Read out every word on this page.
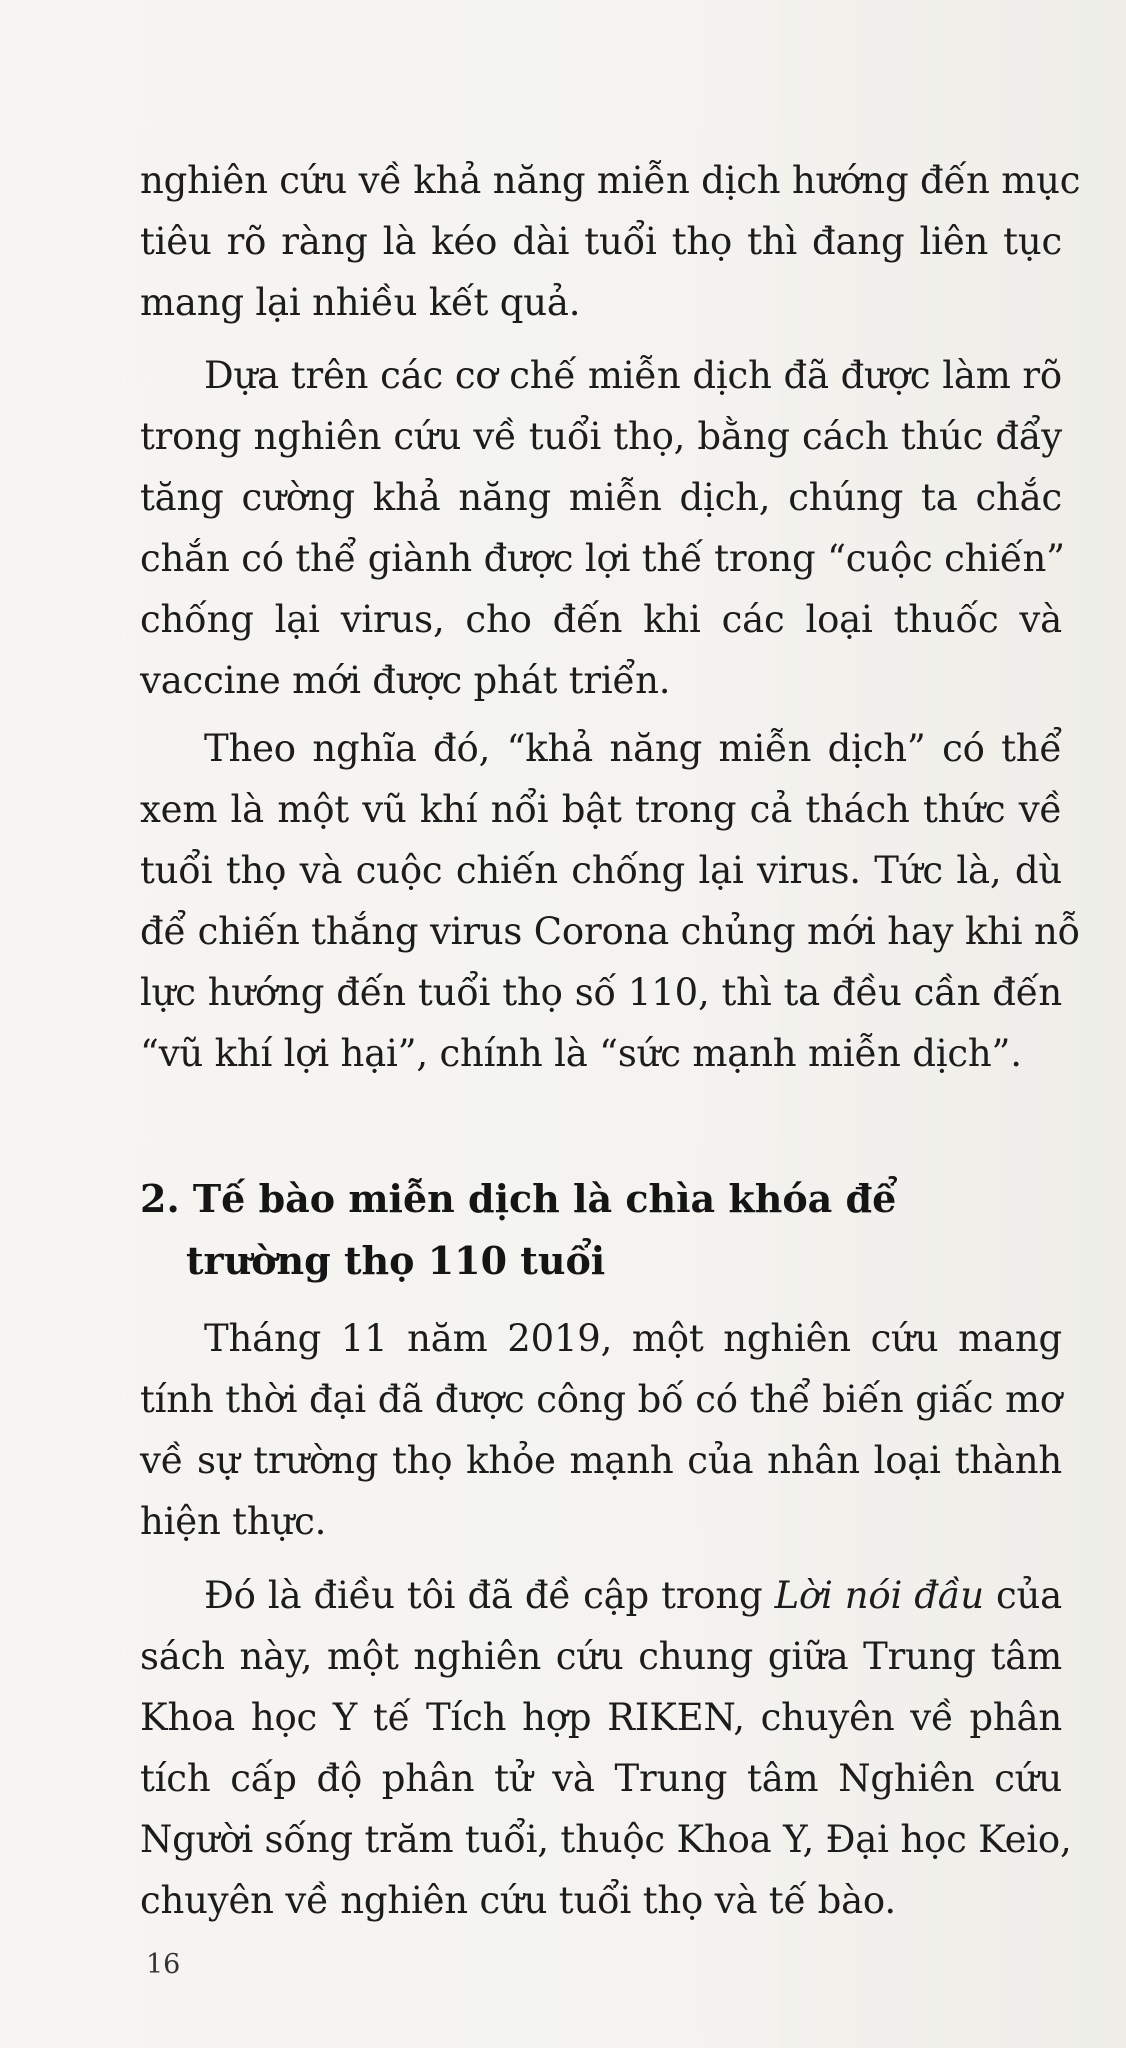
nghiên cứu về khả năng miễn dịch hướng đến mục
tiêu rõ ràng là kéo dài tuổi thọ thì đang liên tục
mang lại nhiều kết quả.
Dựa trên các cơ chế miễn dịch đã được làm rõ
trong nghiên cứu về tuổi thọ, bằng cách thúc đẩy
tăng cường khả năng miễn dịch, chúng ta chắc
chắn có thể giành được lợi thế trong “cuộc chiến”
chống lại virus, cho đến khi các loại thuốc và
vaccine mới được phát triển.
Theo nghĩa đó, “khả năng miễn dịch” có thể
xem là một vũ khí nổi bật trong cả thách thức về
tuổi thọ và cuộc chiến chống lại virus. Tức là, dù
để chiến thắng virus Corona chủng mới hay khi nỗ
lực hướng đến tuổi thọ số 110, thì ta đều cần đến
“vũ khí lợi hại”, chính là “sức mạnh miễn dịch”.
2. Tế bào miễn dịch là chìa khóa để
trường thọ 110 tuổi
Tháng 11 năm 2019, một nghiên cứu mang
tính thời đại đã được công bố có thể biến giấc mơ
về sự trường thọ khỏe mạnh của nhân loại thành
hiện thực.
Đó là điều tôi đã đề cập trong Lời nói đầu của
sách này, một nghiên cứu chung giữa Trung tâm
Khoa học Y tế Tích hợp RIKEN, chuyên về phân
tích cấp độ phân tử và Trung tâm Nghiên cứu
Người sống trăm tuổi, thuộc Khoa Y, Đại học Keio,
chuyên về nghiên cứu tuổi thọ và tế bào.
16
